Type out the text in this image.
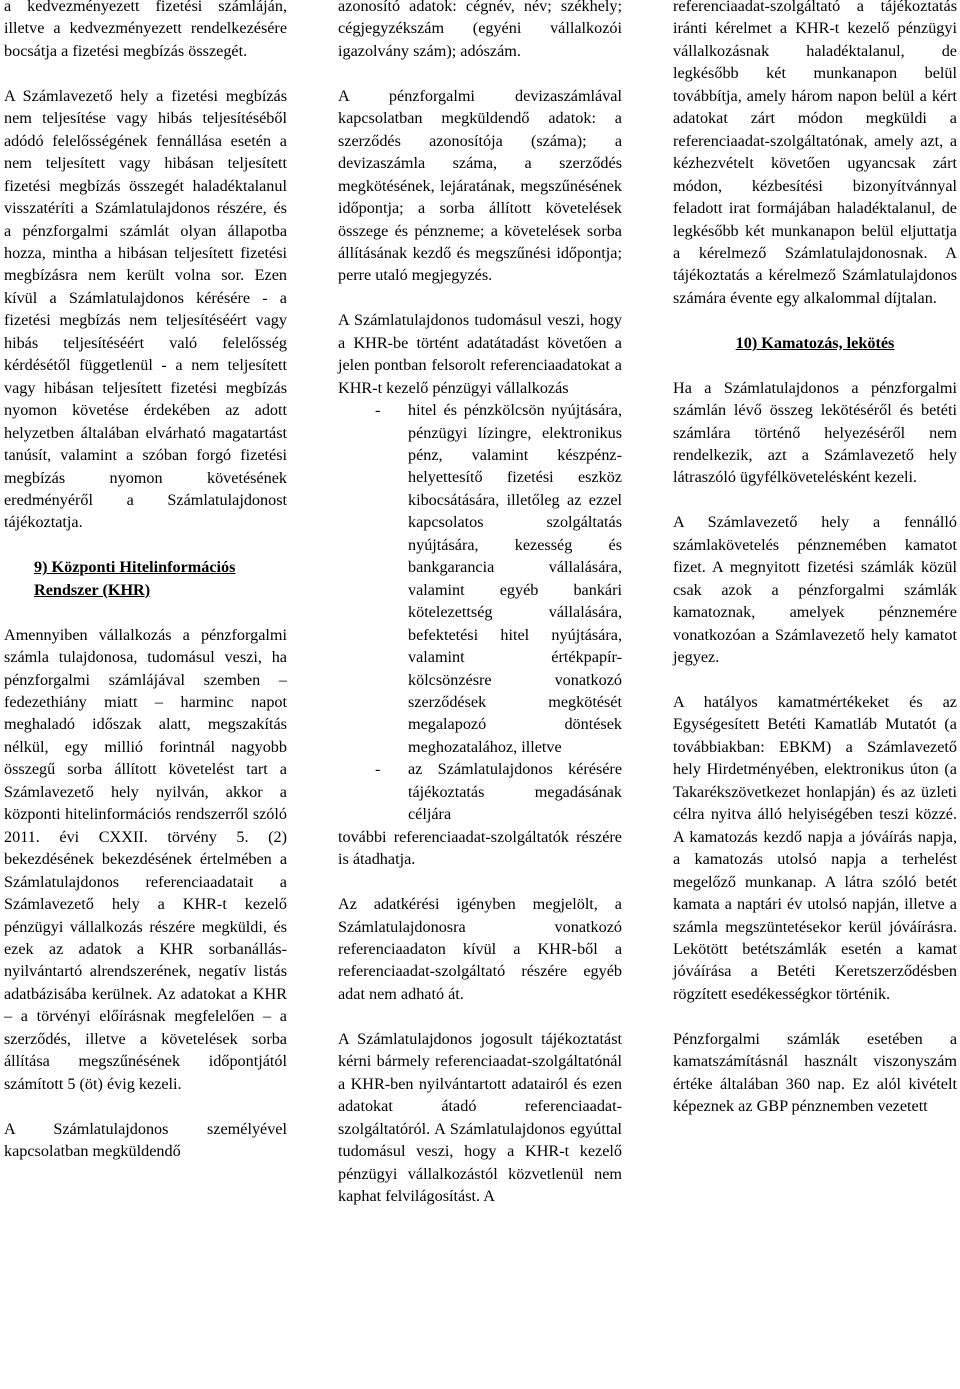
a kedvezményezett fizetési számláján, illetve a kedvezményezett rendelkezésére bocsátja a fizetési megbízás összegét.

A Számlavezető hely a fizetési megbízás nem teljesítése vagy hibás teljesítéséből adódó felelősségének fennállása esetén a nem teljesített vagy hibásan teljesített fizetési megbízás összegét haladéktalanul visszatéríti a Számlatulajdonos részére, és a pénzforgalmi számlát olyan állapotba hozza, mintha a hibásan teljesített fizetési megbízásra nem került volna sor. Ezen kívül a Számlatulajdonos kérésére - a fizetési megbízás nem teljesítéséért vagy hibás teljesítéséért való felelősség kérdésétől függetlenül - a nem teljesített vagy hibásan teljesített fizetési megbízás nyomon követése érdekében az adott helyzetben általában elvárható magatartást tanúsít, valamint a szóban forgó fizetési megbízás nyomon követésének eredményéről a Számlatulajdonost tájékoztatja.

9) Központi Hitelinformációs Rendszer (KHR)

Amennyiben vállalkozás a pénzforgalmi számla tulajdonosa, tudomásul veszi, ha pénzforgalmi számlájával szemben – fedezethiány miatt – harminc napot meghaladó időszak alatt, megszakítás nélkül, egy millió forintnál nagyobb összegű sorba állított követelést tart a Számlavezető hely nyilván, akkor a központi hitelinformációs rendszerről szóló 2011. évi CXXII. törvény 5. (2) bekezdésének bekezdésének értelmében a Számlatulajdonos referenciaadatait a Számlavezető hely a KHR-t kezelő pénzügyi vállalkozás részére megküldi, és ezek az adatok a KHR sorbanállás-nyilvántartó alrendszerének, negatív listás adatbázisába kerülnek. Az adatokat a KHR – a törvényi előírásnak megfelelően – a szerződés, illetve a követelések sorba állítása megszűnésének időpontjától számított 5 (öt) évig kezeli.

A Számlatulajdonos személyével kapcsolatban megküldendő

azonosító adatok: cégnév, név; székhely; cégjegyzékszám (egyéni vállalkozói igazolvány szám); adószám.

A pénzforgalmi devizaszámlával kapcsolatban megküldendő adatok: a szerződés azonosítója (száma); a devizaszámla száma, a szerződés megkötésének, lejáratának, megszűnésének időpontja; a sorba állított követelések összege és pénzneme; a követelések sorba állításának kezdő és megszűnési időpontja; perre utaló megjegyzés.

A Számlatulajdonos tudomásul veszi, hogy a KHR-be történt adatátadást követően a jelen pontban felsorolt referenciaadatokat a KHR-t kezelő pénzügyi vállalkozás

- hitel és pénzkölcsön nyújtására, pénzügyi lízingre, elektronikus pénz, valamint készpénz-helyettesítő fizetési eszköz kibocsátására, illetőleg az ezzel kapcsolatos szolgáltatás nyújtására, kezesség és bankgarancia vállalására, valamint egyéb bankári kötelezettség vállalására, befektetési hitel nyújtására, valamint értékpapír-kölcsönzésre vonatkozó szerződések megkötését megalapozó döntések meghozatalához, illetve
- az Számlatulajdonos kérésére tájékoztatás megadásának céljára

további referenciaadat-szolgáltatók részére is átadhatja.

Az adatkérési igényben megjelölt, a Számlatulajdonosra vonatkozó referenciaadaton kívül a KHR-ből a referenciaadat-szolgáltató részére egyéb adat nem adható át.

A Számlatulajdonos jogosult tájékoztatást kérni bármely referenciaadat-szolgáltatónál a KHR-ben nyilvántartott adatairól és ezen adatokat átadó referenciaadat-szolgáltatóról. A Számlatulajdonos egyúttal tudomásul veszi, hogy a KHR-t kezelő pénzügyi vállalkozástól közvetlenül nem kaphat felvilágosítást. A

referenciaadat-szolgáltató a tájékoztatás iránti kérelmet a KHR-t kezelő pénzügyi vállalkozásnak haladéktalanul, de legkésőbb két munkanapon belül továbbítja, amely három napon belül a kért adatokat zárt módon megküldi a referenciaadat-szolgáltatónak, amely azt, a kézhezvételt követően ugyancsak zárt módon, kézbesítési bizonyítvánnyal feladott irat formájában haladéktalanul, de legkésőbb két munkanapon belül eljuttatja a kérelmező Számlatulajdonosnak. A tájékoztatás a kérelmező Számlatulajdonos számára évente egy alkalommal díjtalan.

10) Kamatozás, lekötés

Ha a Számlatulajdonos a pénzforgalmi számlán lévő összeg lekötéséről és betéti számlára történő helyezéséről nem rendelkezik, azt a Számlavezető hely látraszóló ügyfélkövetelésként kezeli.

A Számlavezető hely a fennálló számlakövetelés pénznemében kamatot fizet. A megnyitott fizetési számlák közül csak azok a pénzforgalmi számlák kamatoznak, amelyek pénznemére vonatkozóan a Számlavezető hely kamatot jegyez.

A hatályos kamatmértékeket és az Egységesített Betéti Kamatláb Mutatót (a továbbiakban: EBKM) a Számlavezető hely Hirdetményében, elektronikus úton (a Takarékszövetkezet honlapján) és az üzleti célra nyitva álló helyiségében teszi közzé. A kamatozás kezdő napja a jóváírás napja, a kamatozás utolsó napja a terhelést megelőző munkanap. A látra szóló betét kamata a naptári év utolsó napján, illetve a számla megszüntetésekor kerül jóváírásra. Lekötött betétszámlák esetén a kamat jóváírása a Betéti Keretszerződésben rögzített esedékességkor történik.

Pénzforgalmi számlák esetében a kamatszámításnál használt viszonyszám értéke általában 360 nap. Ez alól kivételt képeznek az GBP pénznemben vezetett
